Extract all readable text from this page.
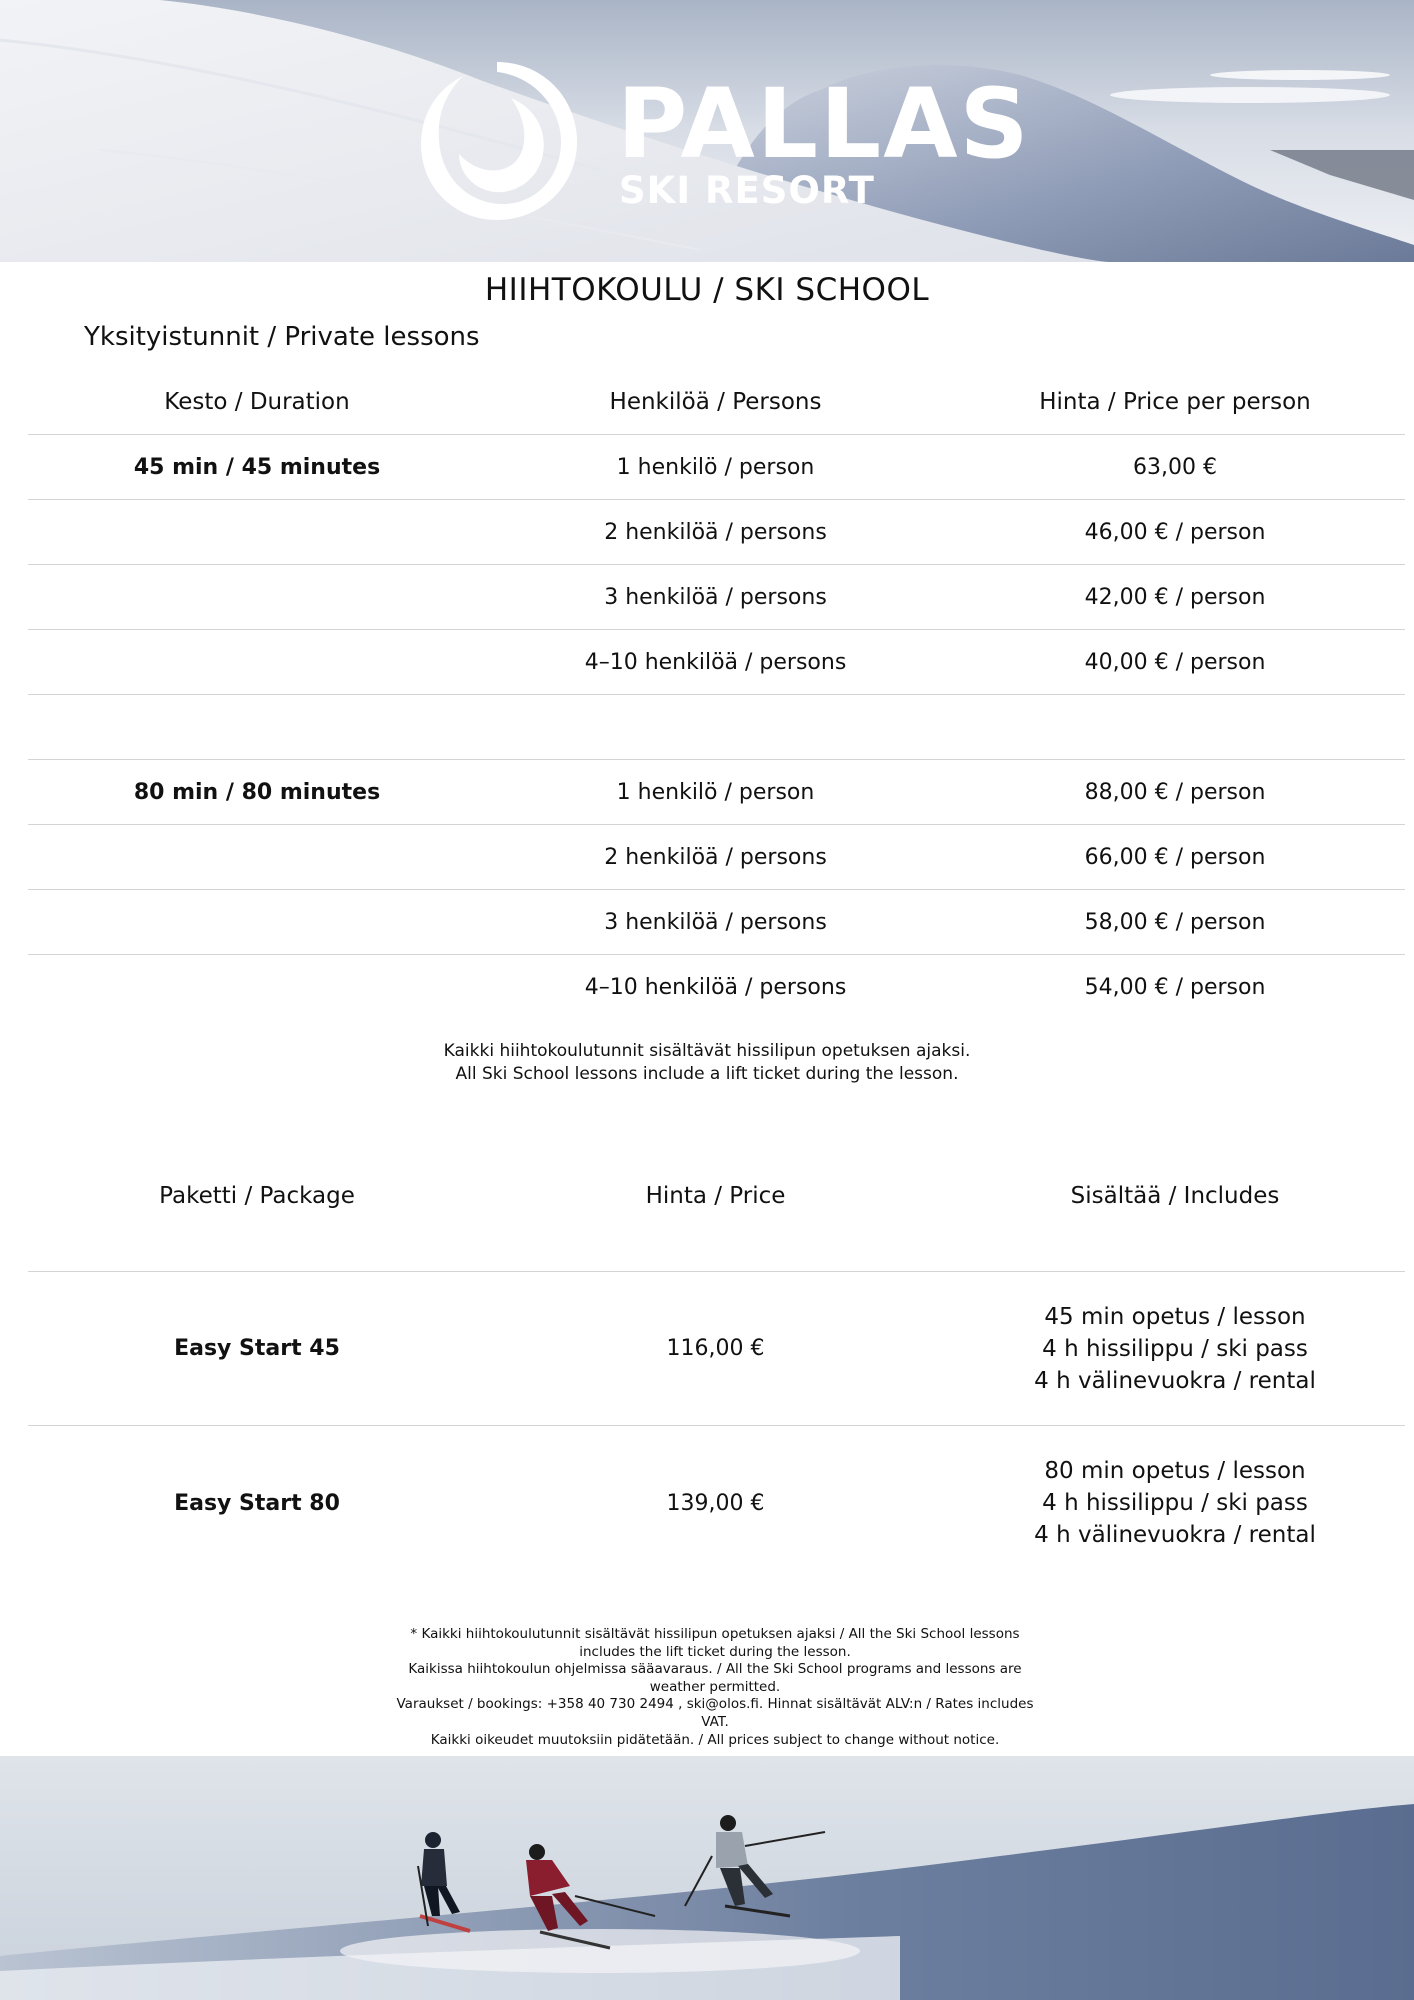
PALLAS
SKI RESORT
HIIHTOKOULU / SKI SCHOOL
Yksityistunnit / Private lessons
Kesto / Duration	Henkilöä / Persons	Hinta / Price per person
45 min / 45 minutes	1 henkilö / person	63,00 €
2 henkilöä / persons	46,00 € / person
3 henkilöä / persons	42,00 € / person
4–10 henkilöä / persons	40,00 € / person
80 min / 80 minutes	1 henkilö / person	88,00 € / person
2 henkilöä / persons	66,00 € / person
3 henkilöä / persons	58,00 € / person
4–10 henkilöä / persons	54,00 € / person
Kaikki hiihtokoulutunnit sisältävät hissilipun opetuksen ajaksi.
All Ski School lessons include a lift ticket during the lesson.
Paketti / Package	Hinta / Price	Sisältää / Includes
Easy Start 45	116,00 €
45 min opetus / lesson
4 h hissilippu / ski pass
4 h välinevuokra / rental
Easy Start 80	139,00 €
80 min opetus / lesson
4 h hissilippu / ski pass
4 h välinevuokra / rental
* Kaikki hiihtokoulutunnit sisältävät hissilipun opetuksen ajaksi / All the Ski School lessons includes the lift ticket during the lesson.
Kaikissa hiihtokoulun ohjelmissa sääavaraus. / All the Ski School programs and lessons are weather permitted.
Varaukset / bookings: +358 40 730 2494 , ski@olos.fi. Hinnat sisältävät ALV:n / Rates includes VAT.
Kaikki oikeudet muutoksiin pidätetään. / All prices subject to change without notice.
